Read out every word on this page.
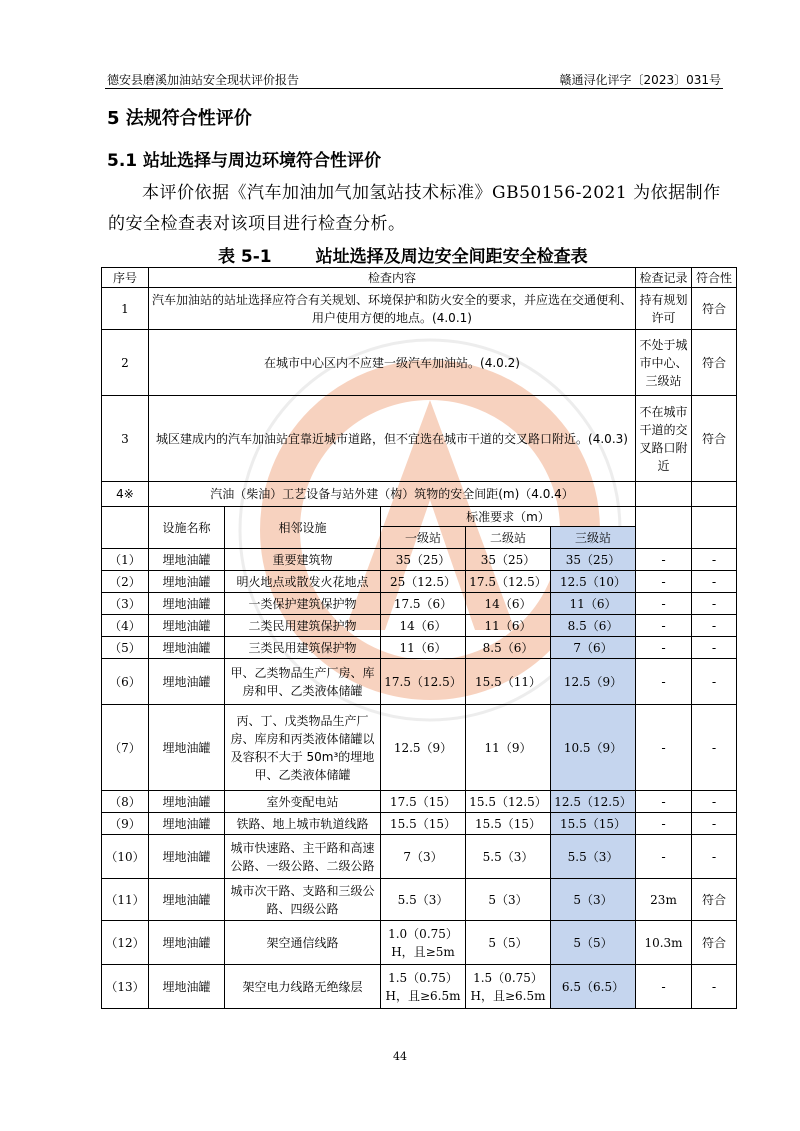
德安县磨溪加油站安全现状评价报告	赣通浔化评字〔2023〕031号
5 法规符合性评价
5.1 站址选择与周边环境符合性评价
本评价依据《汽车加油加气加氢站技术标准》GB50156-2021 为依据制作的安全检查表对该项目进行检查分析。
表 5-1	站址选择及周边安全间距安全检查表
序号	检查内容					检查记录	符合性
1	汽车加油站的站址选择应符合有关规划、环境保护和防火安全的要求，并应选在交通便利、用户使用方便的地点。(4.0.1)					持有规划许可	符合
2	在城市中心区内不应建一级汽车加油站。(4.0.2)					不处于城市中心、三级站	符合
3	城区建成内的汽车加油站宜靠近城市道路，但不宜选在城市干道的交叉路口附近。(4.0.3)					不在城市干道的交叉路口附近	符合
4※	汽油（柴油）工艺设备与站外建（构）筑物的安全间距(m)（4.0.4）						
	设施名称	相邻设施	标准要求（m）				
			一级站	二级站	三级站		
（1）	埋地油罐	重要建筑物	35（25）	35（25）	35（25）	-	-
（2）	埋地油罐	明火地点或散发火花地点	25（12.5）	17.5（12.5）	12.5（10）	-	-
（3）	埋地油罐	一类保护建筑保护物	17.5（6）	14（6）	11（6）	-	-
（4）	埋地油罐	二类民用建筑保护物	14（6）	11（6）	8.5（6）	-	-
（5）	埋地油罐	三类民用建筑保护物	11（6）	8.5（6）	7（6）	-	-
（6）	埋地油罐	甲、乙类物品生产厂房、库房和甲、乙类液体储罐	17.5（12.5）	15.5（11）	12.5（9）	-	-
（7）	埋地油罐	丙、丁、戊类物品生产厂房、库房和丙类液体储罐以及容积不大于 50m³的埋地甲、乙类液体储罐	12.5（9）	11（9）	10.5（9）	-	-
（8）	埋地油罐	室外变配电站	17.5（15）	15.5（12.5）	12.5（12.5）	-	-
（9）	埋地油罐	铁路、地上城市轨道线路	15.5（15）	15.5（15）	15.5（15）	-	-
（10）	埋地油罐	城市快速路、主干路和高速公路、一级公路、二级公路	7（3）	5.5（3）	5.5（3）	-	-
（11）	埋地油罐	城市次干路、支路和三级公路、四级公路	5.5（3）	5（3）	5（3）	23m	符合
（12）	埋地油罐	架空通信线路	1.0（0.75）H，且≥5m	5（5）	5（5）	10.3m	符合
（13）	埋地油罐	架空电力线路无绝缘层	1.5（0.75）H，且≥6.5m	1.5（0.75）H，且≥6.5m	6.5（6.5）	-	-
44
